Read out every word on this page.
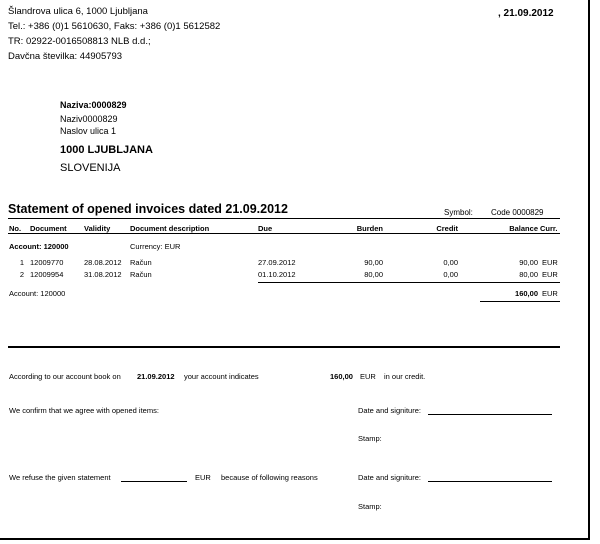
Šlandrova ulica 6, 1000 Ljubljana
Tel.: +386 (0)1 5610630, Faks: +386 (0)1 5612582
TR: 02922-0016508813 NLB d.d.;
Davčna številka: 44905793
, 21.09.2012
Naziva:0000829
Naziv0000829
Naslov ulica 1
1000 LJUBLJANA
SLOVENIJA
Statement of opened invoices dated 21.09.2012	Symbol: Code 0000829
No. Document Validity	Document description	Due	Burden	Credit	Balance Curr.
Account: 120000	Currency: EUR
1 12009770	28.08.2012 Račun	27.09.2012	90,00	0,00	90,00 EUR
2 12009954	31.08.2012 Račun	01.10.2012	80,00	0,00	80,00 EUR
Account: 120000	160,00 EUR
According to our account book on 21.09.2012 your account indicates	160,00 EUR in our credit.
We confirm that we agree with opened items:	Date and signiture:
Stamp:
We refuse the given statement	EUR because of following reasons	Date and signiture:
Stamp:
